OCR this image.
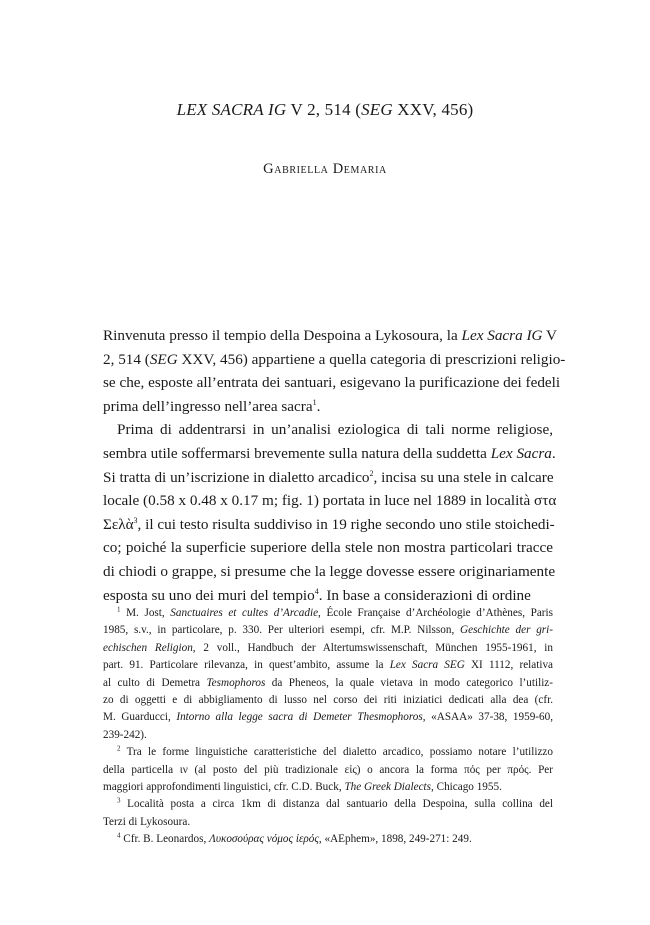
LEX SACRA IG V 2, 514 (SEG XXV, 456)
Gabriella Demaria
Rinvenuta presso il tempio della Despoina a Lykosoura, la Lex Sacra IG V
2, 514 (SEG XXV, 456) appartiene a quella categoria di prescrizioni religio-
se che, esposte all’entrata dei santuari, esigevano la purificazione dei fedeli
prima dell’ingresso nell’area sacra$^1$.
Prima di addentrarsi in un’analisi eziologica di tali norme religiose,
sembra utile soffermarsi brevemente sulla natura della suddetta Lex Sacra.
Si tratta di un’iscrizione in dialetto arcadico$^2$, incisa su una stele in calcare
locale (0.58 x 0.48 x 0.17 m; fig. 1) portata in luce nel 1889 in località στα
Σελὰ$^3$, il cui testo risulta suddiviso in 19 righe secondo uno stile stoichedi-
co; poiché la superficie superiore della stele non mostra particolari tracce
di chiodi o grappe, si presume che la legge dovesse essere originariamente
esposta su uno dei muri del tempio$^4$. In base a considerazioni di ordine
$^1$ M. Jost, Sanctuaires et cultes d’Arcadie, École Française d’Archéologie d’Athènes, Paris
1985, s.v., in particolare, p. 330. Per ulteriori esempi, cfr. M.P. Nilsson, Geschichte der gri-
echischen Religion, 2 voll., Handbuch der Altertumswissenschaft, München 1955-1961, in
part. 91. Particolare rilevanza, in quest’ambito, assume la Lex Sacra SEG XI 1112, relativa
al culto di Demetra Tesmophoros da Pheneos, la quale vietava in modo categorico l’utiliz-
zo di oggetti e di abbigliamento di lusso nel corso dei riti iniziatici dedicati alla dea (cfr.
M. Guarducci, Intorno alla legge sacra di Demeter Thesmophoros, «ASAA» 37-38, 1959-60,
239-242).
$^2$ Tra le forme linguistiche caratteristiche del dialetto arcadico, possiamo notare l’utilizzo
della particella ιν (al posto del più tradizionale εἰς) o ancora la forma πός per πρός. Per
maggiori approfondimenti linguistici, cfr. C.D. Buck, The Greek Dialects, Chicago 1955.
$^3$ Località posta a circa 1km di distanza dal santuario della Despoina, sulla collina del
Terzi di Lykosoura.
$^4$ Cfr. B. Leonardos, Λυκοσούρας νόμος ἱερός, «AEphem», 1898, 249-271: 249.
